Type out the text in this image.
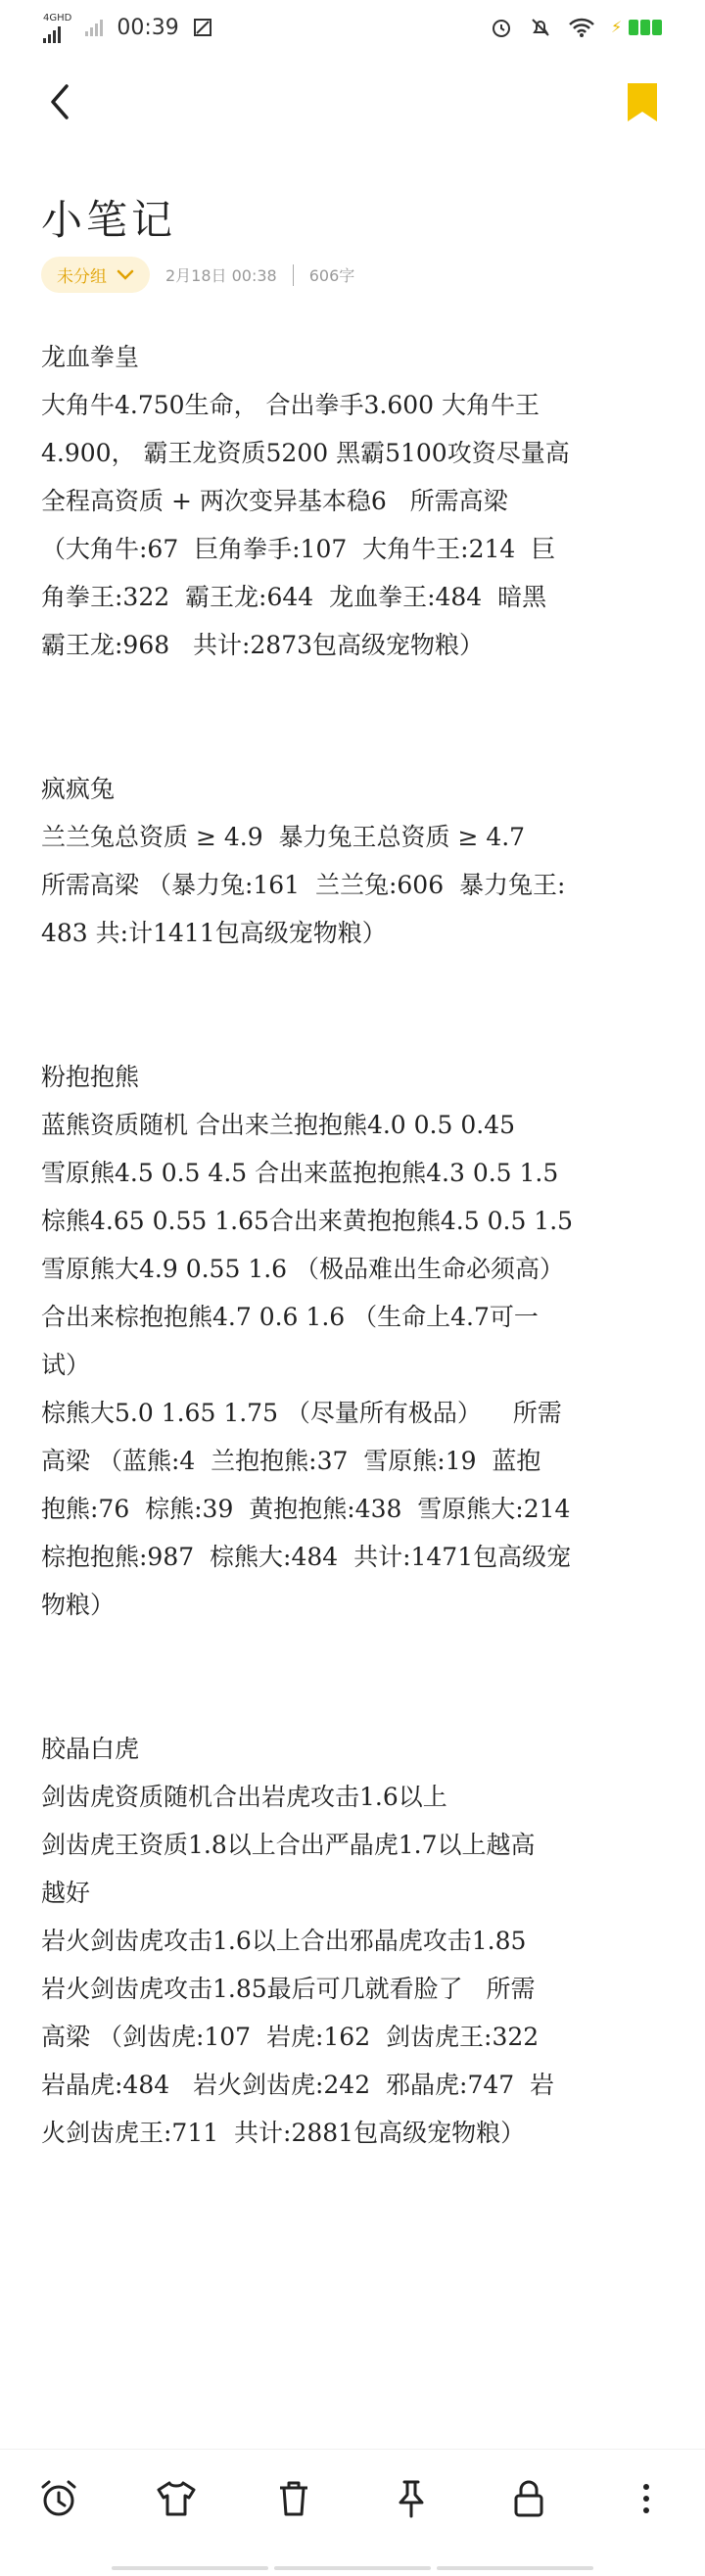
4GHD 00:39	⚡
小笔记
未分组	2月18日 00:38 606字
龙血拳皇
大角牛4.750生命， 合出拳手3.600 大角牛王
4.900， 霸王龙资质5200 黑霸5100攻资尽量高
全程高资质 + 两次变异基本稳6   所需高梁
（大角牛:67  巨角拳手:107  大角牛王:214  巨
角拳王:322  霸王龙:644  龙血拳王:484  暗黑
霸王龙:968   共计:2873包高级宠物粮）
疯疯兔
兰兰兔总资质 ≥ 4.9  暴力兔王总资质 ≥ 4.7
所需高梁 （暴力兔:161  兰兰兔:606  暴力兔王:
483 共:计1411包高级宠物粮）
粉抱抱熊
蓝熊资质随机 合出来兰抱抱熊4.0 0.5 0.45
雪原熊4.5 0.5 4.5 合出来蓝抱抱熊4.3 0.5 1.5
棕熊4.65 0.55 1.65合出来黄抱抱熊4.5 0.5 1.5
雪原熊大4.9 0.55 1.6 （极品难出生命必须高）
合出来棕抱抱熊4.7 0.6 1.6 （生命上4.7可一
试）
棕熊大5.0 1.65 1.75 （尽量所有极品）    所需
高梁 （蓝熊:4  兰抱抱熊:37  雪原熊:19  蓝抱
抱熊:76  棕熊:39  黄抱抱熊:438  雪原熊大:214
棕抱抱熊:987  棕熊大:484  共计:1471包高级宠
物粮）
胶晶白虎
剑齿虎资质随机合出岩虎攻击1.6以上
剑齿虎王资质1.8以上合出严晶虎1.7以上越高
越好
岩火剑齿虎攻击1.6以上合出邪晶虎攻击1.85
岩火剑齿虎攻击1.85最后可几就看脸了   所需
高梁 （剑齿虎:107  岩虎:162  剑齿虎王:322
岩晶虎:484   岩火剑齿虎:242  邪晶虎:747  岩
火剑齿虎王:711  共计:2881包高级宠物粮）
